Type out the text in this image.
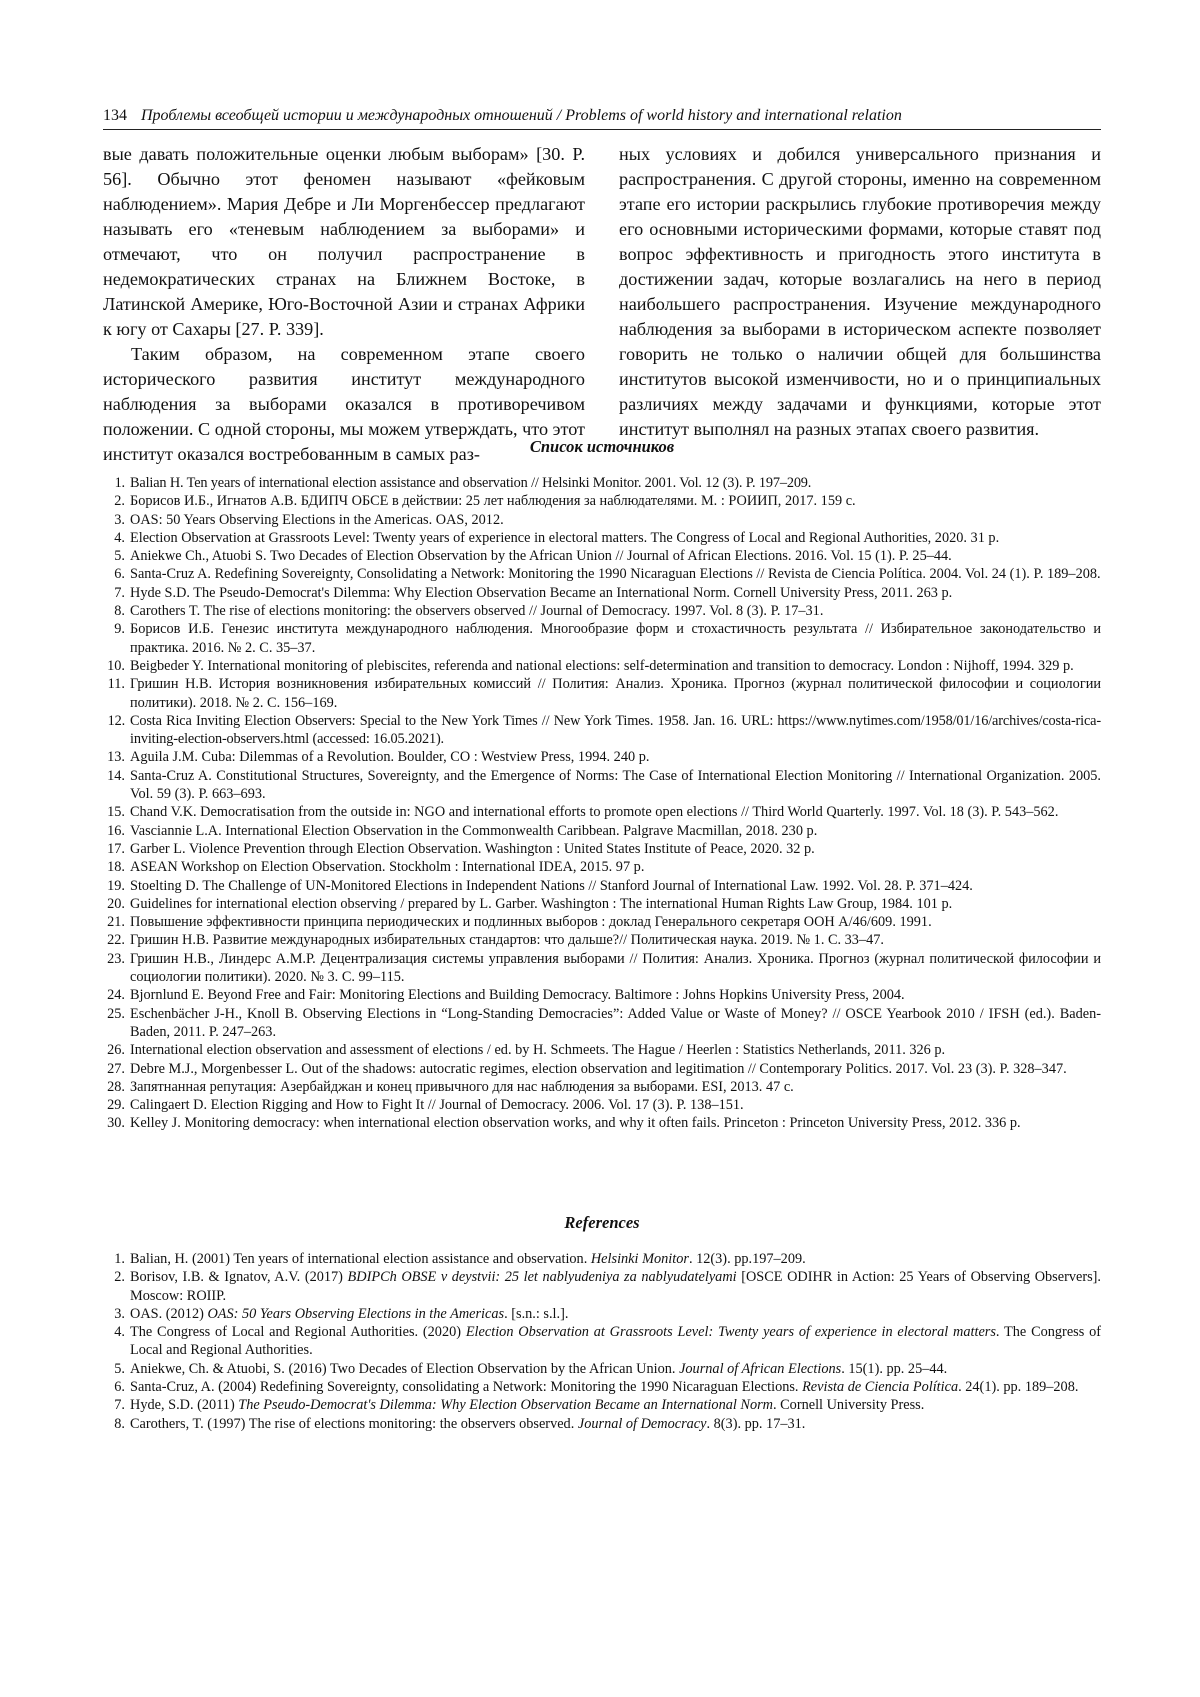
134 Проблемы всеобщей истории и международных отношений / Problems of world history and international relation

вые давать положительные оценки любым выборам» [30. P. 56]. Обычно этот феномен называют «фейковым наблюдением». Мария Дебре и Ли Моргенбессер предлагают называть его «теневым наблюдением за выборами» и отмечают, что он получил распространение в недемократических странах на Ближнем Востоке, в Латинской Америке, Юго-Восточной Азии и странах Африки к югу от Сахары [27. P. 339].

Таким образом, на современном этапе своего исторического развития институт международного наблюдения за выборами оказался в противоречивом положении. С одной стороны, мы можем утверждать, что этот институт оказался востребованным в самых раз-

ных условиях и добился универсального признания и распространения. С другой стороны, именно на современном этапе его истории раскрылись глубокие противоречия между его основными историческими формами, которые ставят под вопрос эффективность и пригодность этого института в достижении задач, которые возлагались на него в период наибольшего распространения. Изучение международного наблюдения за выборами в историческом аспекте позволяет говорить не только о наличии общей для большинства институтов высокой изменчивости, но и о принципиальных различиях между задачами и функциями, которые этот институт выполнял на разных этапах своего развития.

Список источников
1. Balian H. Ten years of international election assistance and observation // Helsinki Monitor. 2001. Vol. 12 (3). P. 197–209.
2. Борисов И.Б., Игнатов А.В. БДИПЧ ОБСЕ в действии: 25 лет наблюдения за наблюдателями. М. : РОИИП, 2017. 159 с.
3. OAS: 50 Years Observing Elections in the Americas. OAS, 2012.
4. Election Observation at Grassroots Level: Twenty years of experience in electoral matters. The Congress of Local and Regional Authorities, 2020. 31 p.
5. Aniekwe Ch., Atuobi S. Two Decades of Election Observation by the African Union // Journal of African Elections. 2016. Vol. 15 (1). P. 25–44.
6. Santa-Cruz A. Redefining Sovereignty, Consolidating a Network: Monitoring the 1990 Nicaraguan Elections // Revista de Ciencia Política. 2004. Vol. 24 (1). P. 189–208.
7. Hyde S.D. The Pseudo-Democrat's Dilemma: Why Election Observation Became an International Norm. Cornell University Press, 2011. 263 p.
8. Carothers T. The rise of elections monitoring: the observers observed // Journal of Democracy. 1997. Vol. 8 (3). P. 17–31.
9. Борисов И.Б. Генезис института международного наблюдения. Многообразие форм и стохастичность результата // Избирательное законодательство и практика. 2016. № 2. С. 35–37.
10. Beigbeder Y. International monitoring of plebiscites, referenda and national elections: self-determination and transition to democracy. London : Nijhoff, 1994. 329 p.
11. Гришин Н.В. История возникновения избирательных комиссий // Полития: Анализ. Хроника. Прогноз (журнал политической философии и социологии политики). 2018. № 2. С. 156–169.
12. Costa Rica Inviting Election Observers: Special to the New York Times // New York Times. 1958. Jan. 16. URL: https://www.nytimes.com/1958/01/16/archives/costa-rica-inviting-election-observers.html (accessed: 16.05.2021).
13. Aguila J.M. Cuba: Dilemmas of a Revolution. Boulder, CO : Westview Press, 1994. 240 p.
14. Santa-Cruz A. Constitutional Structures, Sovereignty, and the Emergence of Norms: The Case of International Election Monitoring // International Organization. 2005. Vol. 59 (3). P. 663–693.
15. Chand V.K. Democratisation from the outside in: NGO and international efforts to promote open elections // Third World Quarterly. 1997. Vol. 18 (3). P. 543–562.
16. Vasciannie L.A. International Election Observation in the Commonwealth Caribbean. Palgrave Macmillan, 2018. 230 p.
17. Garber L. Violence Prevention through Election Observation. Washington : United States Institute of Peace, 2020. 32 p.
18. ASEAN Workshop on Election Observation. Stockholm : International IDEA, 2015. 97 p.
19. Stoelting D. The Challenge of UN-Monitored Elections in Independent Nations // Stanford Journal of International Law. 1992. Vol. 28. P. 371–424.
20. Guidelines for international election observing / prepared by L. Garber. Washington : The international Human Rights Law Group, 1984. 101 p.
21. Повышение эффективности принципа периодических и подлинных выборов : доклад Генерального секретаря ООН A/46/609. 1991.
22. Гришин Н.В. Развитие международных избирательных стандартов: что дальше?// Политическая наука. 2019. № 1. С. 33–47.
23. Гришин Н.В., Линдерс А.М.Р. Децентрализация системы управления выборами // Полития: Анализ. Хроника. Прогноз (журнал политической философии и социологии политики). 2020. № 3. С. 99–115.
24. Bjornlund E. Beyond Free and Fair: Monitoring Elections and Building Democracy. Baltimore : Johns Hopkins University Press, 2004.
25. Eschenbächer J-H., Knoll B. Observing Elections in “Long-Standing Democracies”: Added Value or Waste of Money? // OSCE Yearbook 2010 / IFSH (ed.). Baden-Baden, 2011. P. 247–263.
26. International election observation and assessment of elections / ed. by H. Schmeets. The Hague / Heerlen : Statistics Netherlands, 2011. 326 p.
27. Debre M.J., Morgenbesser L. Out of the shadows: autocratic regimes, election observation and legitimation // Contemporary Politics. 2017. Vol. 23 (3). P. 328–347.
28. Запятнанная репутация: Азербайджан и конец привычного для нас наблюдения за выборами. ESI, 2013. 47 с.
29. Calingaert D. Election Rigging and How to Fight It // Journal of Democracy. 2006. Vol. 17 (3). P. 138–151.
30. Kelley J. Monitoring democracy: when international election observation works, and why it often fails. Princeton : Princeton University Press, 2012. 336 p.
References
1. Balian, H. (2001) Ten years of international election assistance and observation. Helsinki Monitor. 12(3). pp.197–209.
2. Borisov, I.B. & Ignatov, A.V. (2017) BDIPCh OBSE v deystvii: 25 let nablyudeniya za nablyudatelyami [OSCE ODIHR in Action: 25 Years of Observing Observers]. Moscow: ROIIP.
3. OAS. (2012) OAS: 50 Years Observing Elections in the Americas. [s.n.: s.l.].
4. The Congress of Local and Regional Authorities. (2020) Election Observation at Grassroots Level: Twenty years of experience in electoral matters. The Congress of Local and Regional Authorities.
5. Aniekwe, Ch. & Atuobi, S. (2016) Two Decades of Election Observation by the African Union. Journal of African Elections. 15(1). pp. 25–44.
6. Santa-Cruz, A. (2004) Redefining Sovereignty, consolidating a Network: Monitoring the 1990 Nicaraguan Elections. Revista de Ciencia Política. 24(1). pp. 189–208.
7. Hyde, S.D. (2011) The Pseudo-Democrat's Dilemma: Why Election Observation Became an International Norm. Cornell University Press.
8. Carothers, T. (1997) The rise of elections monitoring: the observers observed. Journal of Democracy. 8(3). pp. 17–31.
